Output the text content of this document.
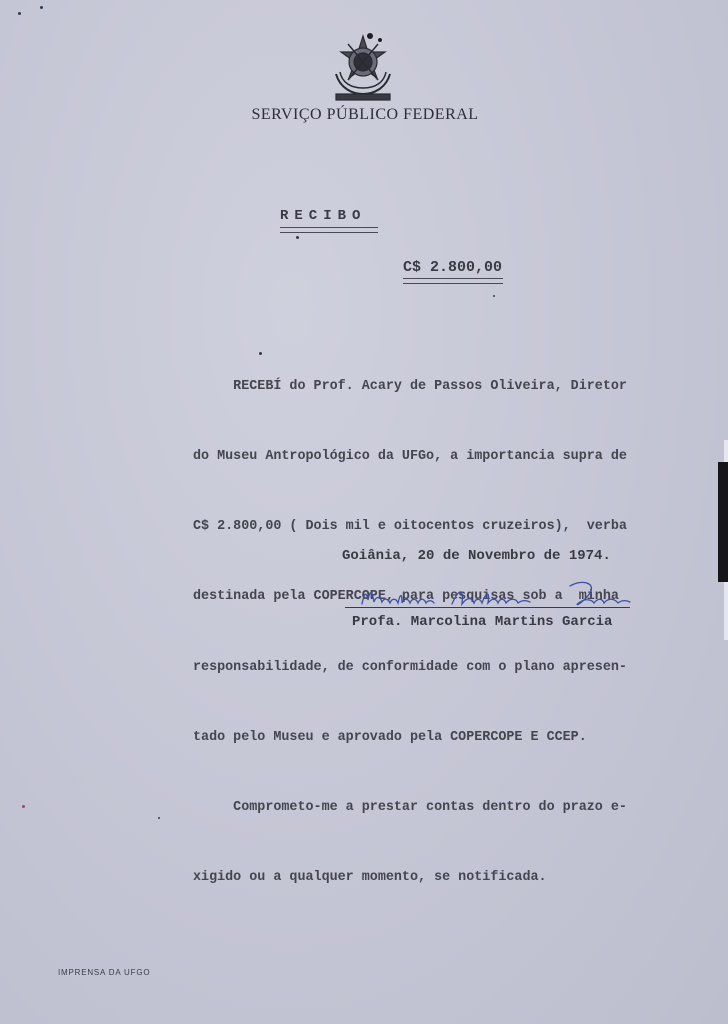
SERVIÇO PÚBLICO FEDERAL
RECIBO
C$ 2.800,00

RECEBÍ do Prof. Acary de Passos Oliveira, Diretor

do Museu Antropológico da UFGo, a importancia supra de

C$ 2.800,00 ( Dois mil e oitocentos cruzeiros),  verba

destinada pela COPERCOPE, para pesquisas sob a  minha

responsabilidade, de conformidade com o plano apresen-

tado pelo Museu e aprovado pela COPERCOPE E CCEP.

Comprometo-me a prestar contas dentro do prazo e-

xigido ou a qualquer momento, se notificada.

Goiânia, 20 de Novembro de 1974.
Profa. Marcolina Martins Garcia
IMPRENSA DA UFGO
